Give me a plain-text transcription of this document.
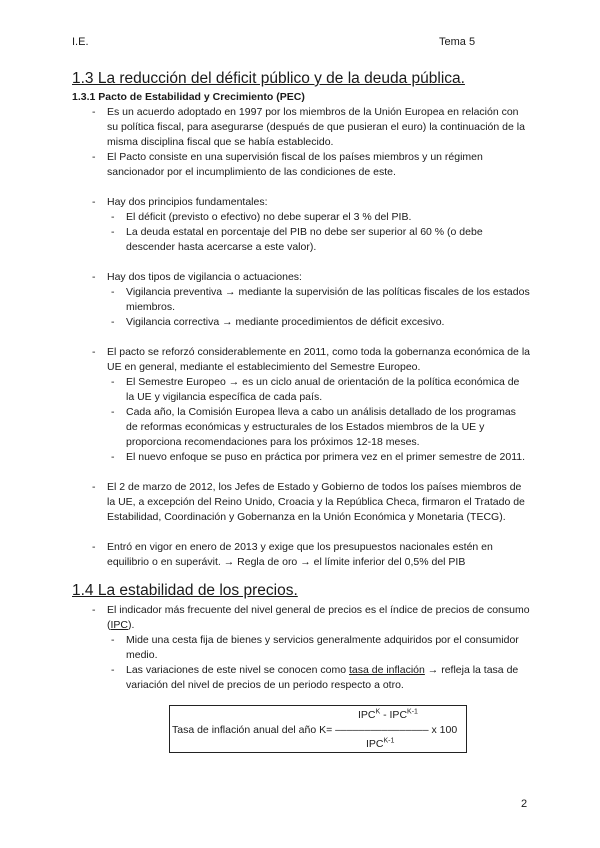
I.E.	Tema 5
1.3 La reducción del déficit público y de la deuda pública.
1.3.1 Pacto de Estabilidad y Crecimiento (PEC)
- Es un acuerdo adoptado en 1997 por los miembros de la Unión Europea en relación con su política fiscal, para asegurarse (después de que pusieran el euro) la continuación de la misma disciplina fiscal que se había establecido.
- El Pacto consiste en una supervisión fiscal de los países miembros y un régimen sancionador por el incumplimiento de las condiciones de este.
- Hay dos principios fundamentales:
- El déficit (previsto o efectivo) no debe superar el 3 % del PIB.
- La deuda estatal en porcentaje del PIB no debe ser superior al 60 % (o debe descender hasta acercarse a este valor).
- Hay dos tipos de vigilancia o actuaciones:
- Vigilancia preventiva → mediante la supervisión de las políticas fiscales de los estados miembros.
- Vigilancia correctiva → mediante procedimientos de déficit excesivo.
- El pacto se reforzó considerablemente en 2011, como toda la gobernanza económica de la UE en general, mediante el establecimiento del Semestre Europeo.
- El Semestre Europeo → es un ciclo anual de orientación de la política económica de la UE y vigilancia específica de cada país.
- Cada año, la Comisión Europea lleva a cabo un análisis detallado de los programas de reformas económicas y estructurales de los Estados miembros de la UE y proporciona recomendaciones para los próximos 12-18 meses.
- El nuevo enfoque se puso en práctica por primera vez en el primer semestre de 2011.
- El 2 de marzo de 2012, los Jefes de Estado y Gobierno de todos los países miembros de la UE, a excepción del Reino Unido, Croacia y la República Checa, firmaron el Tratado de Estabilidad, Coordinación y Gobernanza en la Unión Económica y Monetaria (TECG).
- Entró en vigor en enero de 2013 y exige que los presupuestos nacionales estén en equilibrio o en superávit. → Regla de oro → el límite inferior del 0,5% del PIB
1.4 La estabilidad de los precios.
- El indicador más frecuente del nivel general de precios es el índice de precios de consumo (IPC).
- Mide una cesta fija de bienes y servicios generalmente adquiridos por el consumidor medio.
- Las variaciones de este nivel se conocen como tasa de inflación → refleja la tasa de variación del nivel de precios de un periodo respecto a otro.
$IPC^K - IPC^{K-1}$
Tasa de inflación anual del año K= –––––––––––––––– x 100
$IPC^{K-1}$
2
